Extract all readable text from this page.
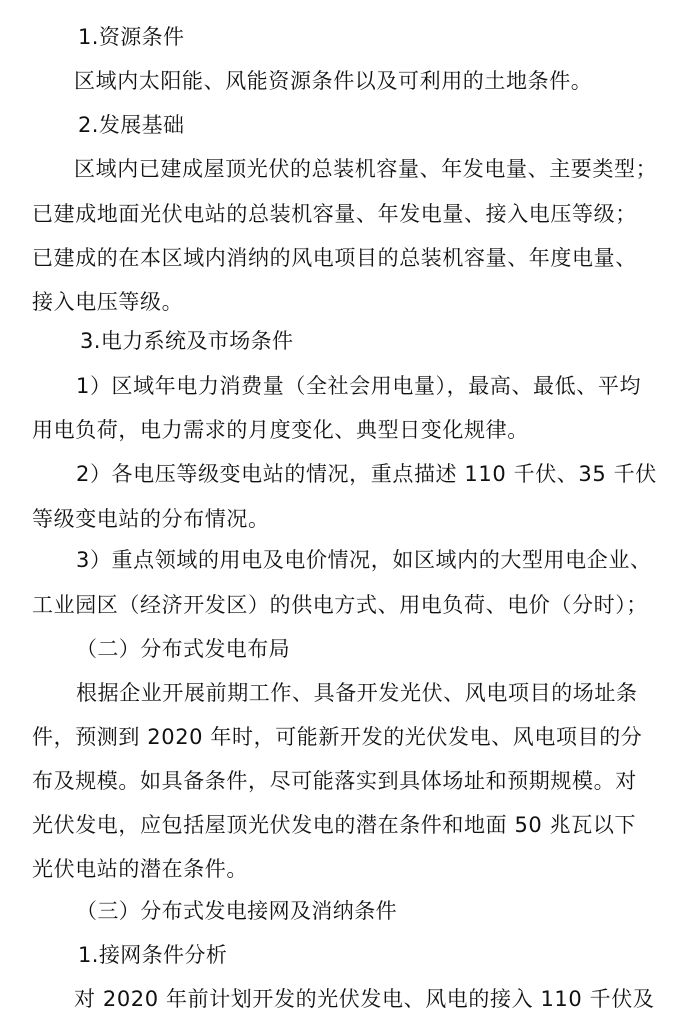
1.资源条件
区域内太阳能、风能资源条件以及可利用的土地条件。
2.发展基础
区域内已建成屋顶光伏的总装机容量、年发电量、主要类型；
已建成地面光伏电站的总装机容量、年发电量、接入电压等级；
已建成的在本区域内消纳的风电项目的总装机容量、年度电量、
接入电压等级。
3.电力系统及市场条件
1）区域年电力消费量（全社会用电量），最高、最低、平均
用电负荷，电力需求的月度变化、典型日变化规律。
2）各电压等级变电站的情况，重点描述 110 千伏、35 千伏
等级变电站的分布情况。
3）重点领域的用电及电价情况，如区域内的大型用电企业、
工业园区（经济开发区）的供电方式、用电负荷、电价（分时）；
（二）分布式发电布局
根据企业开展前期工作、具备开发光伏、风电项目的场址条
件，预测到 2020 年时，可能新开发的光伏发电、风电项目的分
布及规模。如具备条件，尽可能落实到具体场址和预期规模。对
光伏发电，应包括屋顶光伏发电的潜在条件和地面 50 兆瓦以下
光伏电站的潜在条件。
（三）分布式发电接网及消纳条件
1.接网条件分析
对 2020 年前计划开发的光伏发电、风电的接入 110 千伏及
